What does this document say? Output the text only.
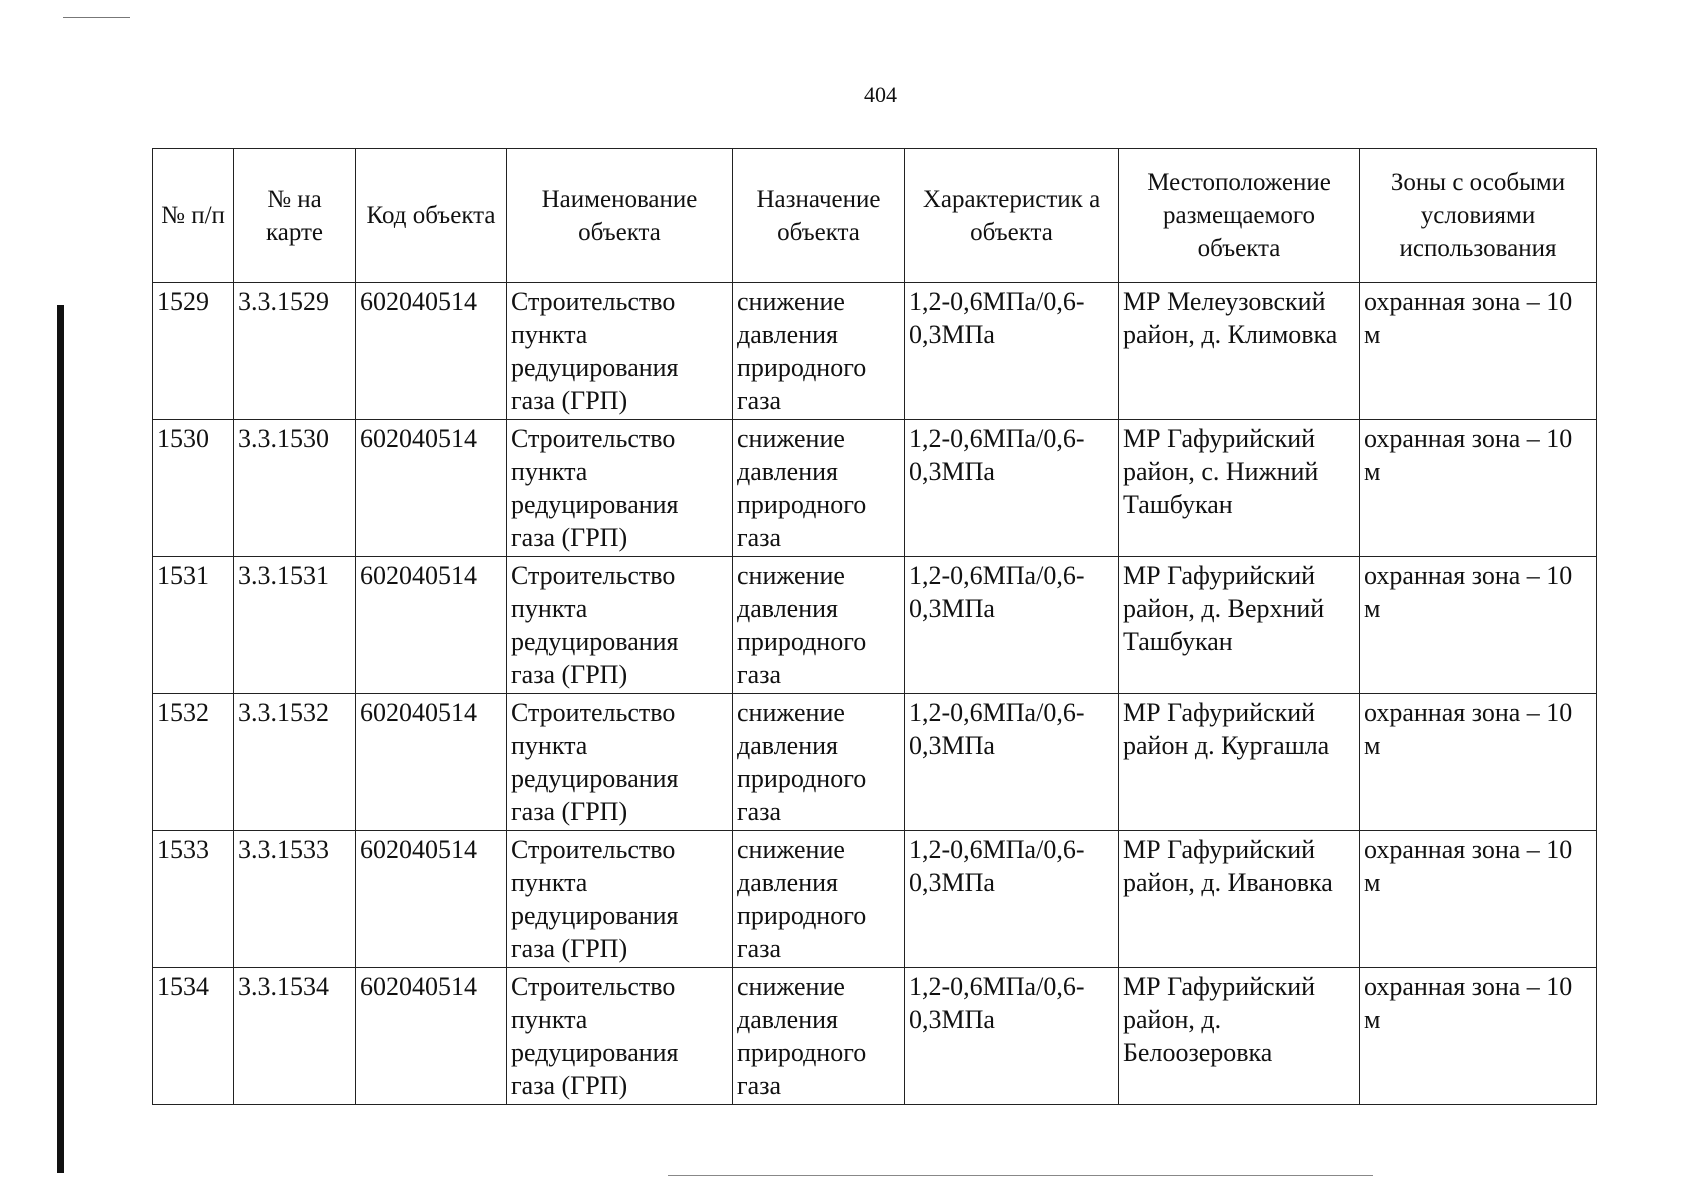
404
№ п/п	№ на карте	Код объекта	Наименование объекта	Назначение объекта	Характеристик а объекта	Местоположение размещаемого объекта	Зоны с особыми условиями использования
1529	3.3.1529	602040514	Строительство пункта редуцирования газа (ГРП)	снижение давления природного газа	1,2-0,6МПа/0,6-0,3МПа	МР Мелеузовский район, д. Климовка	охранная зона – 10 м
1530	3.3.1530	602040514	Строительство пункта редуцирования газа (ГРП)	снижение давления природного газа	1,2-0,6МПа/0,6-0,3МПа	МР Гафурийский район, с. Нижний Ташбукан	охранная зона – 10 м
1531	3.3.1531	602040514	Строительство пункта редуцирования газа (ГРП)	снижение давления природного газа	1,2-0,6МПа/0,6-0,3МПа	МР Гафурийский район, д. Верхний Ташбукан	охранная зона – 10 м
1532	3.3.1532	602040514	Строительство пункта редуцирования газа (ГРП)	снижение давления природного газа	1,2-0,6МПа/0,6-0,3МПа	МР Гафурийский район д. Кургашла	охранная зона – 10 м
1533	3.3.1533	602040514	Строительство пункта редуцирования газа (ГРП)	снижение давления природного газа	1,2-0,6МПа/0,6-0,3МПа	МР Гафурийский район, д. Ивановка	охранная зона – 10 м
1534	3.3.1534	602040514	Строительство пункта редуцирования газа (ГРП)	снижение давления природного газа	1,2-0,6МПа/0,6-0,3МПа	МР Гафурийский район, д. Белоозеровка	охранная зона – 10 м
